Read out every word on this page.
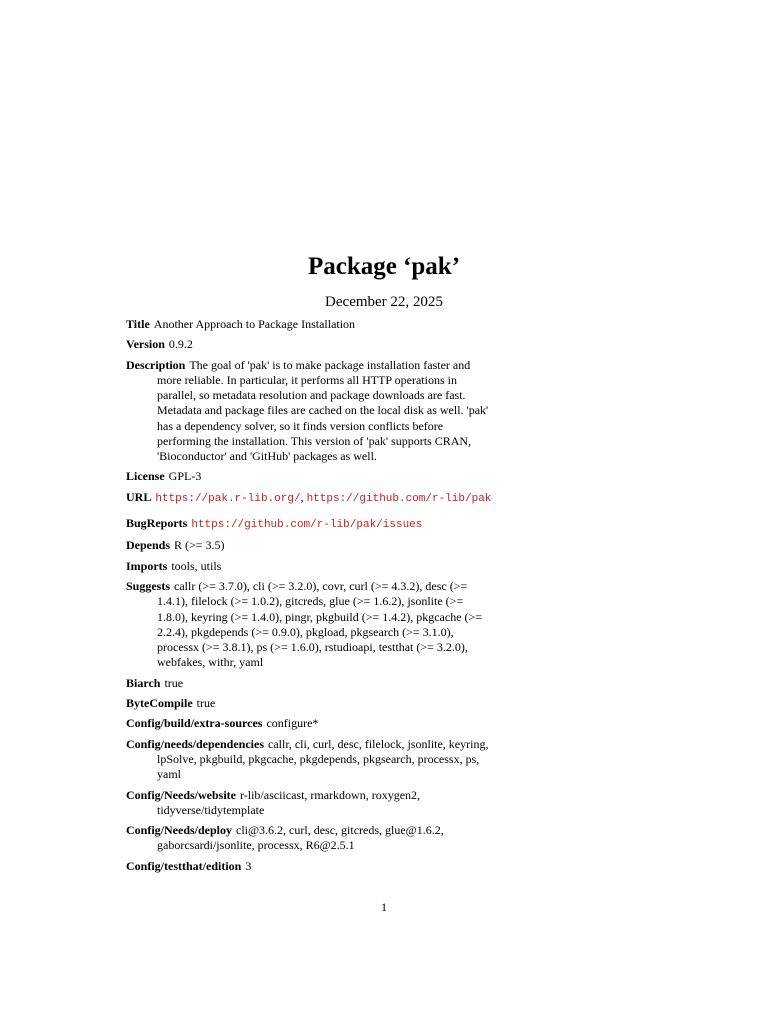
Package ‘pak’
December 22, 2025
Title Another Approach to Package Installation
Version 0.9.2
Description The goal of 'pak' is to make package installation faster and more reliable. In particular, it performs all HTTP operations in parallel, so metadata resolution and package downloads are fast. Metadata and package files are cached on the local disk as well. 'pak' has a dependency solver, so it finds version conflicts before performing the installation. This version of 'pak' supports CRAN, 'Bioconductor' and 'GitHub' packages as well.
License GPL-3
URL https://pak.r-lib.org/, https://github.com/r-lib/pak
BugReports https://github.com/r-lib/pak/issues
Depends R (>= 3.5)
Imports tools, utils
Suggests callr (>= 3.7.0), cli (>= 3.2.0), covr, curl (>= 4.3.2), desc (>= 1.4.1), filelock (>= 1.0.2), gitcreds, glue (>= 1.6.2), jsonlite (>= 1.8.0), keyring (>= 1.4.0), pingr, pkgbuild (>= 1.4.2), pkgcache (>= 2.2.4), pkgdepends (>= 0.9.0), pkgload, pkgsearch (>= 3.1.0), processx (>= 3.8.1), ps (>= 1.6.0), rstudioapi, testthat (>= 3.2.0), webfakes, withr, yaml
Biarch true
ByteCompile true
Config/build/extra-sources configure*
Config/needs/dependencies callr, cli, curl, desc, filelock, jsonlite, keyring, lpSolve, pkgbuild, pkgcache, pkgdepends, pkgsearch, processx, ps, yaml
Config/Needs/website r-lib/asciicast, rmarkdown, roxygen2, tidyverse/tidytemplate
Config/Needs/deploy cli@3.6.2, curl, desc, gitcreds, glue@1.6.2, gaborcsardi/jsonlite, processx, R6@2.5.1
Config/testthat/edition 3
1
